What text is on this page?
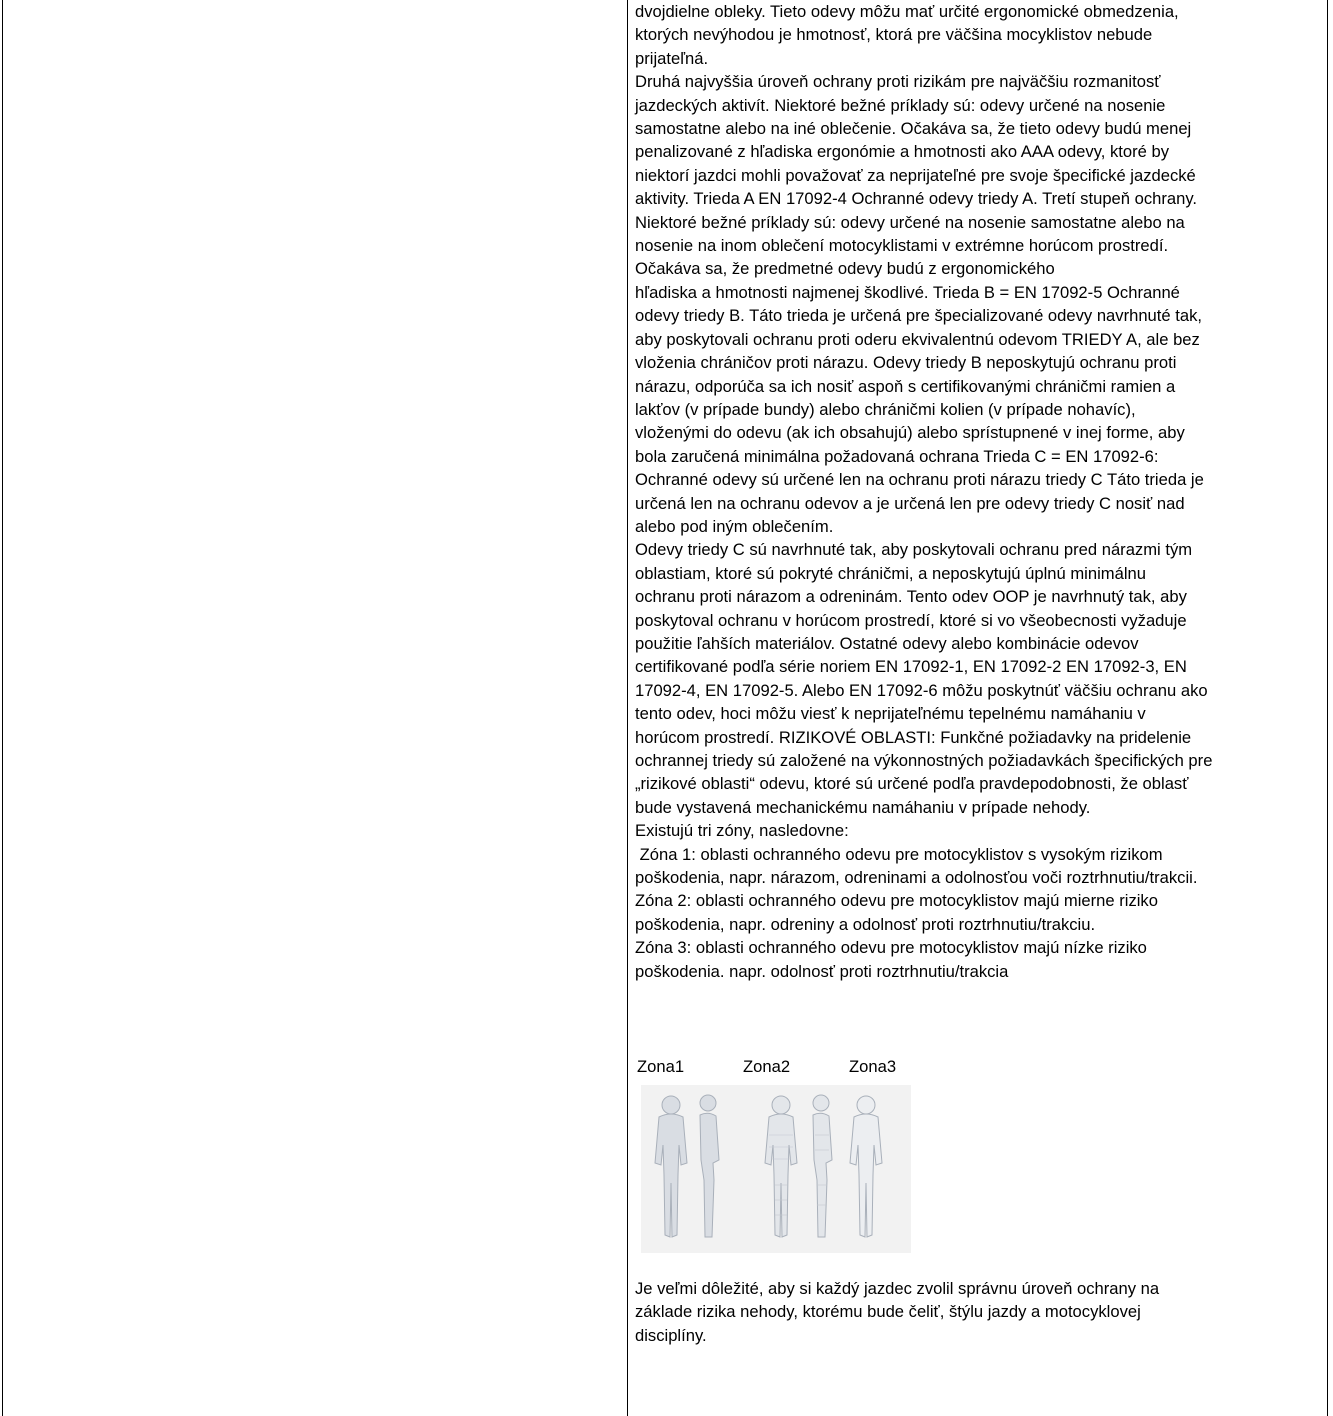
dvojdielne obleky. Tieto odevy môžu mať určité ergonomické obmedzenia,
ktorých nevýhodou je hmotnosť, ktorá pre väčšina mocyklistov nebude
prijateľná.

Druhá najvyššia úroveň ochrany proti rizikám pre najväčšiu rozmanitosť
jazdeckých aktivít. Niektoré bežné príklady sú: odevy určené na nosenie
samostatne alebo na iné oblečenie. Očakáva sa, že tieto odevy budú menej
penalizované z hľadiska ergonómie a hmotnosti ako AAA odevy, ktoré by
niektorí jazdci mohli považovať za neprijateľné pre svoje špecifické jazdecké
aktivity. Trieda A EN 17092-4 Ochranné odevy triedy A. Tretí stupeň ochrany.
Niektoré bežné príklady sú: odevy určené na nosenie samostatne alebo na
nosenie na inom oblečení motocyklistami v extrémne horúcom prostredí.
Očakáva sa, že predmetné odevy budú z ergonomického
hľadiska a hmotnosti najmenej škodlivé. Trieda B = EN 17092-5 Ochranné
odevy triedy B. Táto trieda je určená pre špecializované odevy navrhnuté tak,
aby poskytovali ochranu proti oderu ekvivalentnú odevom TRIEDY A, ale bez
vloženia chráničov proti nárazu. Odevy triedy B neposkytujú ochranu proti
nárazu, odporúča sa ich nosiť aspoň s certifikovanými chráničmi ramien a
lakťov (v prípade bundy) alebo chráničmi kolien (v prípade nohavíc),
vloženými do odevu (ak ich obsahujú) alebo sprístupnené v inej forme, aby
bola zaručená minimálna požadovaná ochrana Trieda C = EN 17092-6:
Ochranné odevy sú určené len na ochranu proti nárazu triedy C Táto trieda je
určená len na ochranu odevov a je určená len pre odevy triedy C nosiť nad
alebo pod iným oblečením.

Odevy triedy C sú navrhnuté tak, aby poskytovali ochranu pred nárazmi tým
oblastiam, ktoré sú pokryté chráničmi, a neposkytujú úplnú minimálnu
ochranu proti nárazom a odreninám. Tento odev OOP je navrhnutý tak, aby
poskytoval ochranu v horúcom prostredí, ktoré si vo všeobecnosti vyžaduje
použitie ľahších materiálov. Ostatné odevy alebo kombinácie odevov
certifikované podľa série noriem EN 17092-1, EN 17092-2 EN 17092-3, EN
17092-4, EN 17092-5. Alebo EN 17092-6 môžu poskytnúť väčšiu ochranu ako
tento odev, hoci môžu viesť k neprijateľnému tepelnému namáhaniu v
horúcom prostredí. RIZIKOVÉ OBLASTI: Funkčné požiadavky na pridelenie
ochrannej triedy sú založené na výkonnostných požiadavkách špecifických pre
„rizikové oblasti“ odevu, ktoré sú určené podľa pravdepodobnosti, že oblasť
bude vystavená mechanickému namáhaniu v prípade nehody.

Existujú tri zóny, nasledovne:

Zóna 1: oblasti ochranného odevu pre motocyklistov s vysokým rizikom
poškodenia, napr. nárazom, odreninami a odolnosťou voči roztrhnutiu/trakcii.

Zóna 2: oblasti ochranného odevu pre motocyklistov majú mierne riziko
poškodenia, napr. odreniny a odolnosť proti roztrhnutiu/trakciu.

Zóna 3: oblasti ochranného odevu pre motocyklistov majú nízke riziko
poškodenia. napr. odolnosť proti roztrhnutiu/trakcia

Zona1	Zona2	Zona3

Je veľmi dôležité, aby si každý jazdec zvolil správnu úroveň ochrany na
základe rizika nehody, ktorému bude čeliť, štýlu jazdy a motocyklovej
disciplíny.
